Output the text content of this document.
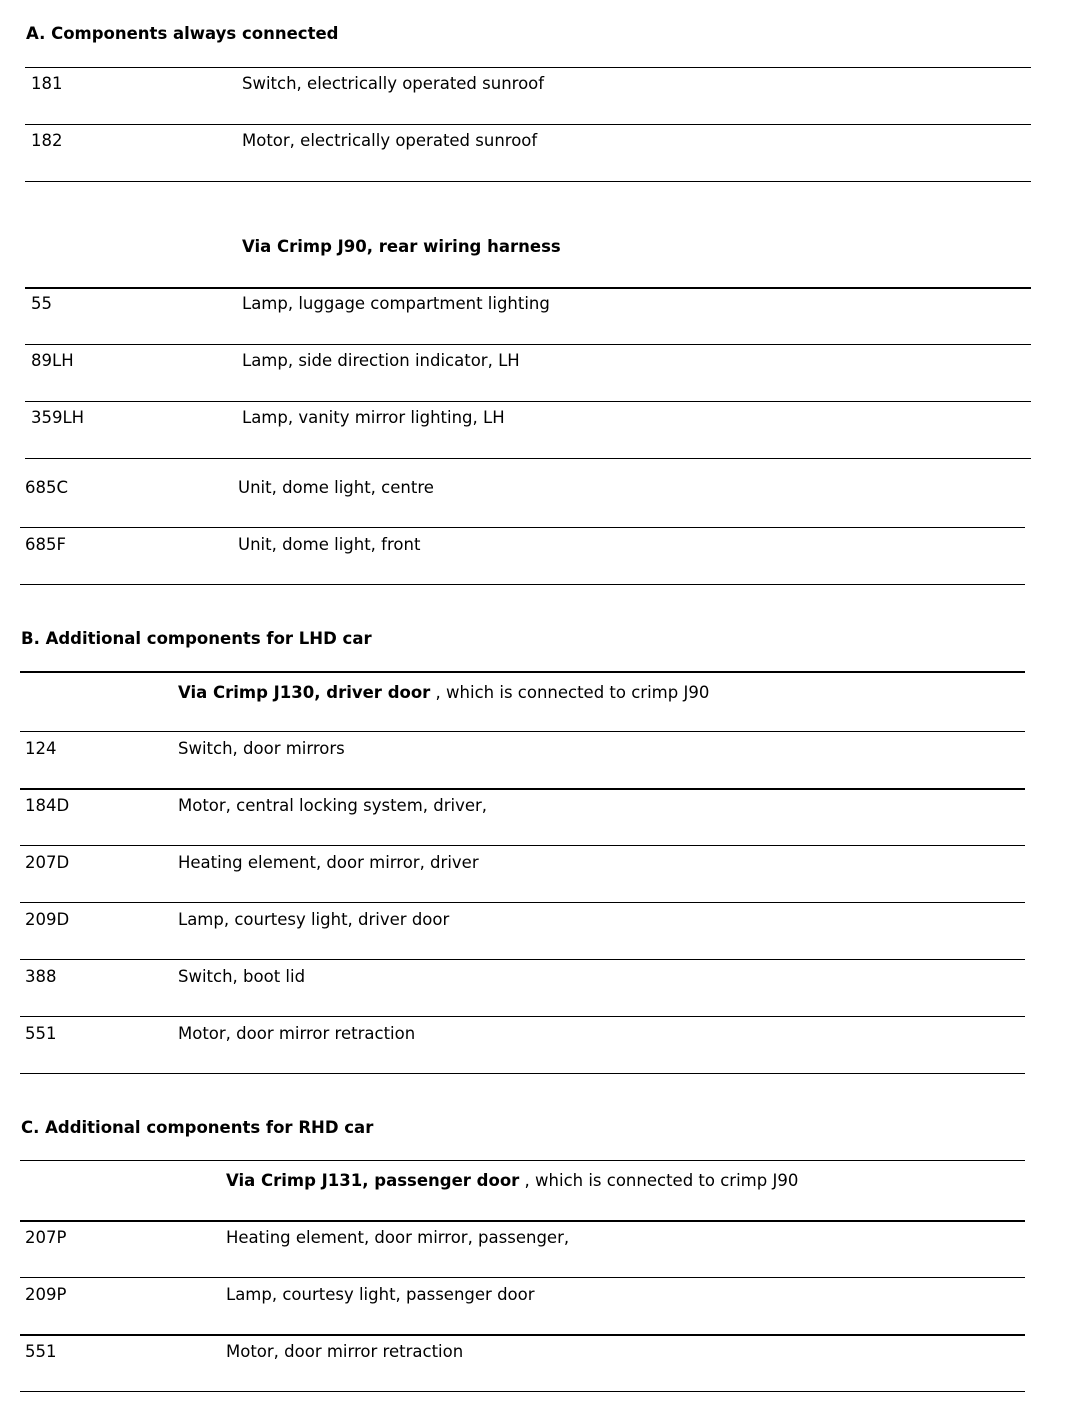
A. Components always connected
181	Switch, electrically operated sunroof
182	Motor, electrically operated sunroof
Via Crimp J90, rear wiring harness
55	Lamp, luggage compartment lighting
89LH	Lamp, side direction indicator, LH
359LH	Lamp, vanity mirror lighting, LH
685C	Unit, dome light, centre
685F	Unit, dome light, front
B. Additional components for LHD car
Via Crimp J130, driver door , which is connected to crimp J90
124	Switch, door mirrors
184D	Motor, central locking system, driver,
207D	Heating element, door mirror, driver
209D	Lamp, courtesy light, driver door
388	Switch, boot lid
551	Motor, door mirror retraction
C. Additional components for RHD car
Via Crimp J131, passenger door , which is connected to crimp J90
207P	Heating element, door mirror, passenger,
209P	Lamp, courtesy light, passenger door
551	Motor, door mirror retraction
